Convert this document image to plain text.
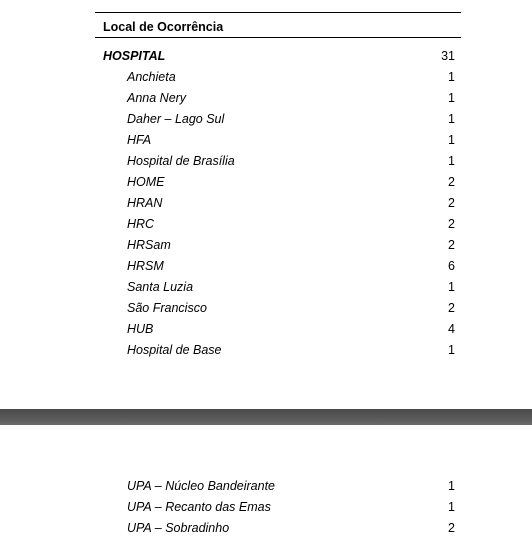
Local de Ocorrência
HOSPITAL	31
Anchieta	1
Anna Nery	1
Daher – Lago Sul	1
HFA	1
Hospital de Brasília	1
HOME	2
HRAN	2
HRC	2
HRSam	2
HRSM	6
Santa Luzia	1
São Francisco	2
HUB	4
Hospital de Base	1
UPA – Núcleo Bandeirante	1
UPA – Recanto das Emas	1
UPA – Sobradinho	2
